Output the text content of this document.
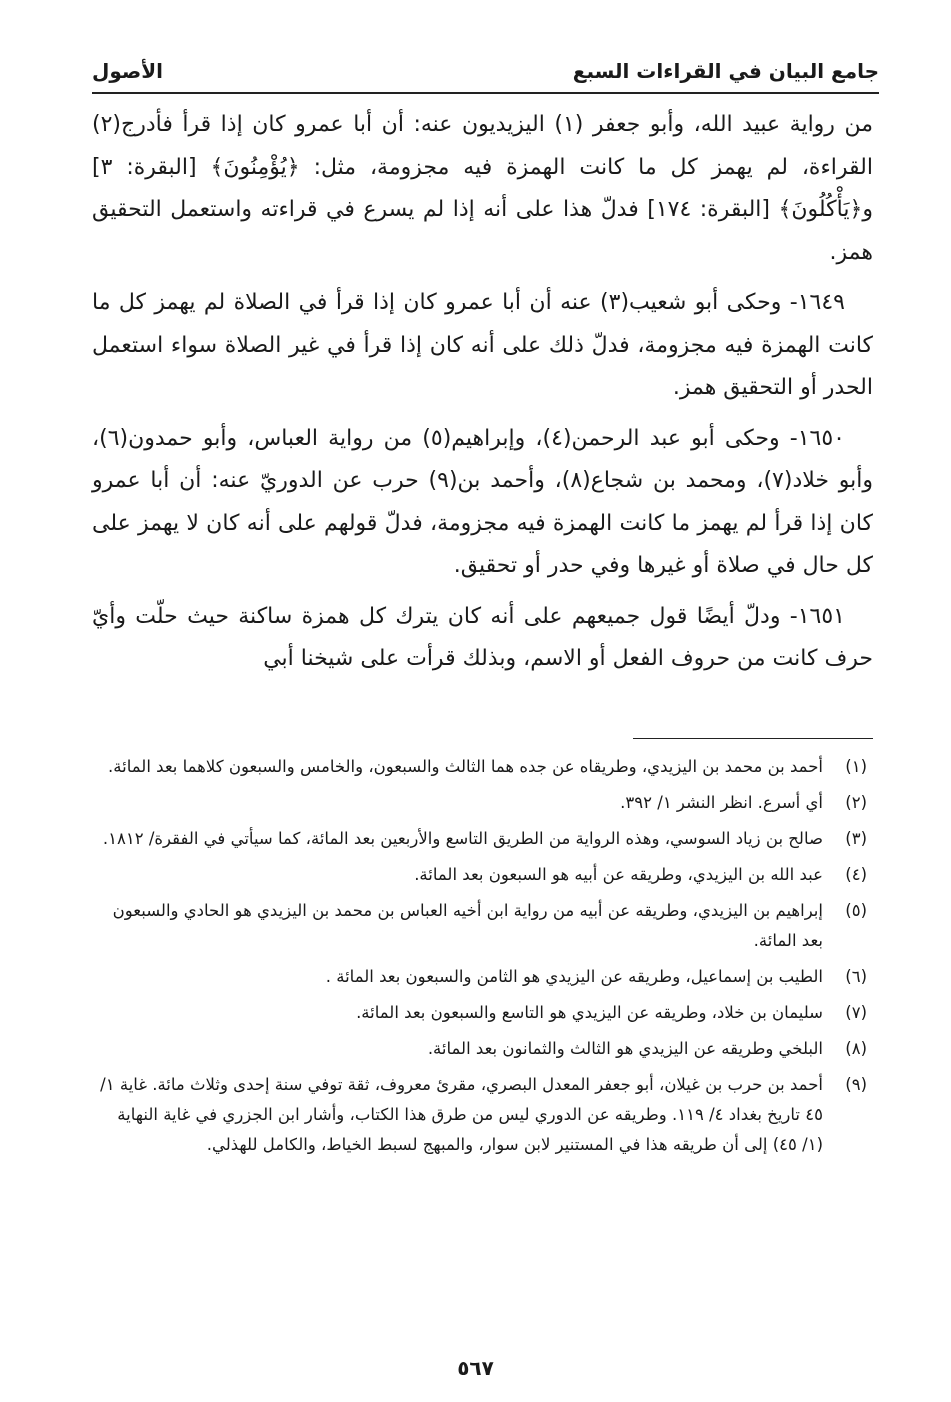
جامع البيان في القراءات السبع
الأصول

من رواية عبيد الله، وأبو جعفر (١) اليزيديون عنه: أن أبا عمرو كان إذا قرأ فأدرج(٢) القراءة، لم يهمز كل ما كانت الهمزة فيه مجزومة، مثل: ﴿يُؤْمِنُونَ﴾ [البقرة: ٣] و﴿يَأْكُلُونَ﴾ [البقرة: ١٧٤] فدلّ هذا على أنه إذا لم يسرع في قراءته واستعمل التحقيق همز.

١٦٤٩- وحكى أبو شعيب(٣) عنه أن أبا عمرو كان إذا قرأ في الصلاة لم يهمز كل ما كانت الهمزة فيه مجزومة، فدلّ ذلك على أنه كان إذا قرأ في غير الصلاة سواء استعمل الحدر أو التحقيق همز.

١٦٥٠- وحكى أبو عبد الرحمن(٤)، وإبراهيم(٥) من رواية العباس، وأبو حمدون(٦)، وأبو خلاد(٧)، ومحمد بن شجاع(٨)، وأحمد بن(٩) حرب عن الدوريّ عنه: أن أبا عمرو كان إذا قرأ لم يهمز ما كانت الهمزة فيه مجزومة، فدلّ قولهم على أنه كان لا يهمز على كل حال في صلاة أو غيرها وفي حدر أو تحقيق.

١٦٥١- ودلّ أيضًا قول جميعهم على أنه كان يترك كل همزة ساكنة حيث حلّت وأيّ حرف كانت من حروف الفعل أو الاسم، وبذلك قرأت على شيخنا أبي

(١)أحمد بن محمد بن اليزيدي، وطريقاه عن جده هما الثالث والسبعون، والخامس والسبعون كلاهما بعد المائة.
(٢)أي أسرع. انظر النشر ١/ ٣٩٢.
(٣)صالح بن زياد السوسي، وهذه الرواية من الطريق التاسع والأربعين بعد المائة، كما سيأتي في الفقرة/ ١٨١٢.
(٤)عبد الله بن اليزيدي، وطريقه عن أبيه هو السبعون بعد المائة.
(٥)إبراهيم بن اليزيدي، وطريقه عن أبيه من رواية ابن أخيه العباس بن محمد بن اليزيدي هو الحادي والسبعون بعد المائة.
(٦)الطيب بن إسماعيل، وطريقه عن اليزيدي هو الثامن والسبعون بعد المائة .
(٧)سليمان بن خلاد، وطريقه عن اليزيدي هو التاسع والسبعون بعد المائة.
(٨)البلخي وطريقه عن اليزيدي هو الثالث والثمانون بعد المائة.
(٩)أحمد بن حرب بن غيلان، أبو جعفر المعدل البصري، مقرئ معروف، ثقة توفي سنة إحدى وثلاث مائة. غاية ١/ ٤٥ تاريخ بغداد ٤/ ١١٩. وطريقه عن الدوري ليس من طرق هذا الكتاب، وأشار ابن الجزري في غاية النهاية (١/ ٤٥) إلى أن طريقه هذا في المستنير لابن سوار، والمبهج لسبط الخياط، والكامل للهذلي.
٥٦٧
